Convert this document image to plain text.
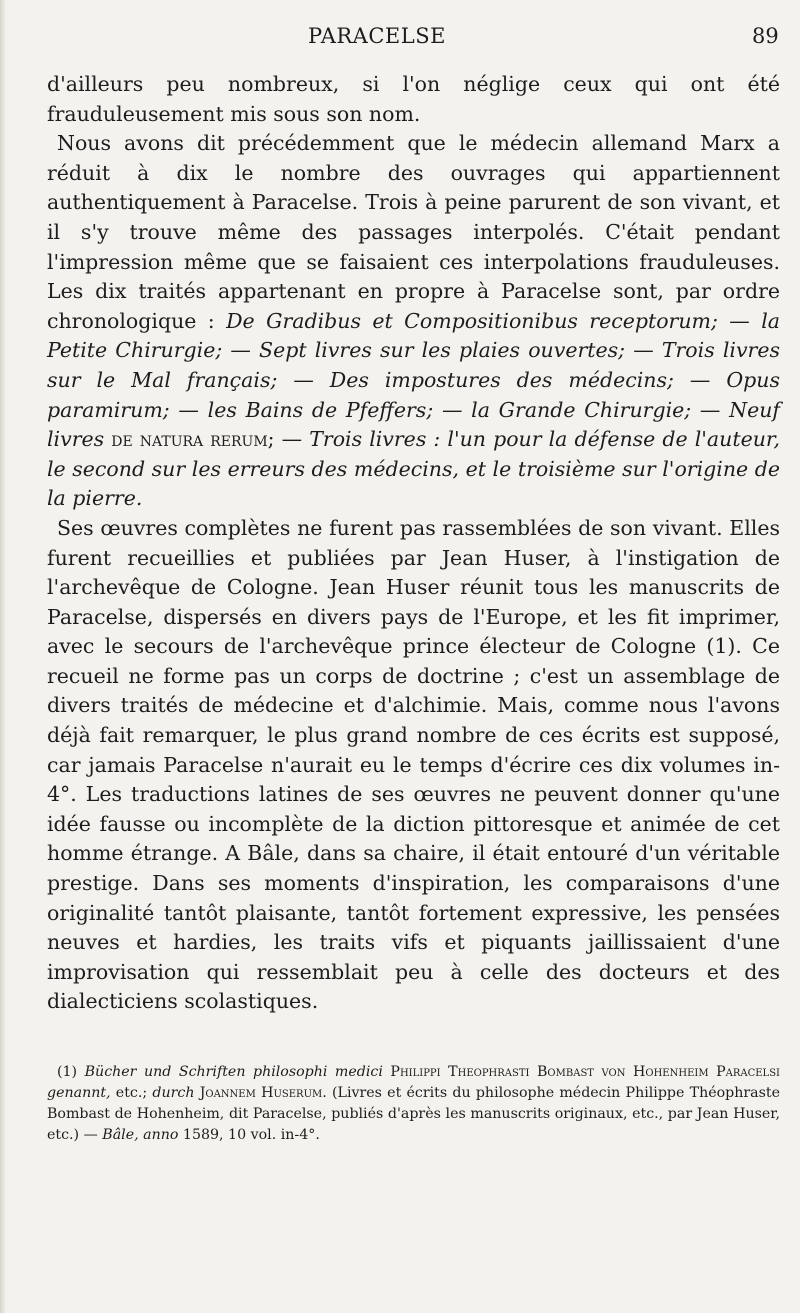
PARACELSE	89

d'ailleurs peu nombreux, si l'on néglige ceux qui ont été frauduleusement mis sous son nom.

Nous avons dit précédemment que le médecin allemand Marx a réduit à dix le nombre des ouvrages qui appartiennent authentiquement à Paracelse. Trois à peine parurent de son vivant, et il s'y trouve même des passages interpolés. C'était pendant l'impression même que se faisaient ces interpolations frauduleuses. Les dix traités appartenant en propre à Paracelse sont, par ordre chronologique : De Gradibus et Compositionibus receptorum; — la Petite Chirurgie; — Sept livres sur les plaies ouvertes; — Trois livres sur le Mal français; — Des impostures des médecins; — Opus paramirum; — les Bains de Pfeffers; — la Grande Chirurgie; — Neuf livres de natura rerum; — Trois livres : l'un pour la défense de l'auteur, le second sur les erreurs des médecins, et le troisième sur l'origine de la pierre.

Ses œuvres complètes ne furent pas rassemblées de son vivant. Elles furent recueillies et publiées par Jean Huser, à l'instigation de l'archevêque de Cologne. Jean Huser réunit tous les manuscrits de Paracelse, dispersés en divers pays de l'Europe, et les fit imprimer, avec le secours de l'archevêque prince électeur de Cologne (1). Ce recueil ne forme pas un corps de doctrine ; c'est un assemblage de divers traités de médecine et d'alchimie. Mais, comme nous l'avons déjà fait remarquer, le plus grand nombre de ces écrits est supposé, car jamais Paracelse n'aurait eu le temps d'écrire ces dix volumes in-4°. Les traductions latines de ses œuvres ne peuvent donner qu'une idée fausse ou incomplète de la diction pittoresque et animée de cet homme étrange. A Bâle, dans sa chaire, il était entouré d'un véritable prestige. Dans ses moments d'inspiration, les comparaisons d'une originalité tantôt plaisante, tantôt fortement expressive, les pensées neuves et hardies, les traits vifs et piquants jaillissaient d'une improvisation qui ressemblait peu à celle des docteurs et des dialecticiens scolastiques.

(1) Bücher und Schriften philosophi medici Philippi Theophrasti Bombast von Hohenheim Paracelsi genannt, etc.; durch Joannem Huserum. (Livres et écrits du philosophe médecin Philippe Théophraste Bombast de Hohenheim, dit Paracelse, publiés d'après les manuscrits originaux, etc., par Jean Huser, etc.) — Bâle, anno 1589, 10 vol. in-4°.
